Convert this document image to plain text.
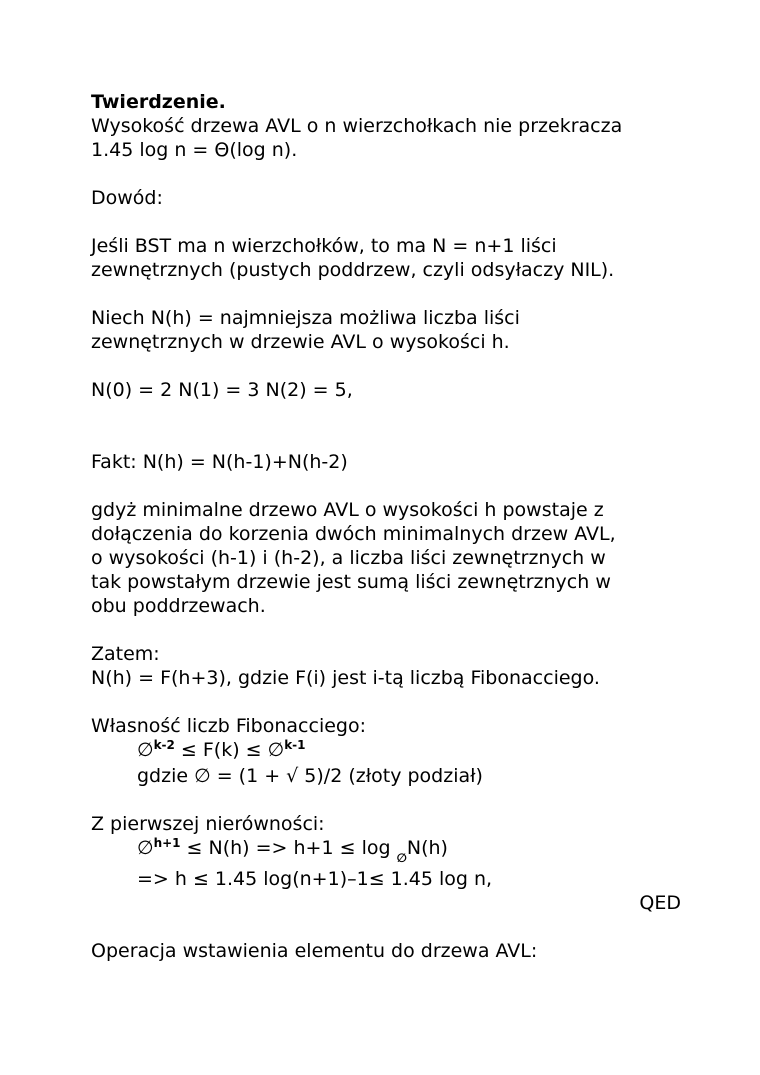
Twierdzenie.
Wysokość drzewa AVL o n wierzchołkach nie przekracza
1.45 log n = Θ(log n).
Dowód:
Jeśli BST ma n wierzchołków, to ma N = n+1 liści
zewnętrznych (pustych poddrzew, czyli odsyłaczy NIL).
Niech N(h) = najmniejsza możliwa liczba liści
zewnętrznych w drzewie AVL o wysokości h.
N(0) = 2 N(1) = 3 N(2) = 5,
Fakt: N(h) = N(h-1)+N(h-2)
gdyż minimalne drzewo AVL o wysokości h powstaje z
dołączenia do korzenia dwóch minimalnych drzew AVL,
o wysokości (h-1) i (h-2), a liczba liści zewnętrznych w
tak powstałym drzewie jest sumą liści zewnętrznych w
obu poddrzewach.
Zatem:
N(h) = F(h+3), gdzie F(i) jest i-tą liczbą Fibonacciego.
Własność liczb Fibonacciego:
∅$^{k-2}$ ≤ F(k) ≤ ∅$^{k-1}$
gdzie ∅ = (1 + √ 5)/2 (złoty podział)
Z pierwszej nierówności:
∅$^{h+1}$ ≤ N(h) => h+1 ≤ log $_\emptyset$N(h)
=> h ≤ 1.45 log(n+1)–1≤ 1.45 log n,
QED
Operacja wstawienia elementu do drzewa AVL:
